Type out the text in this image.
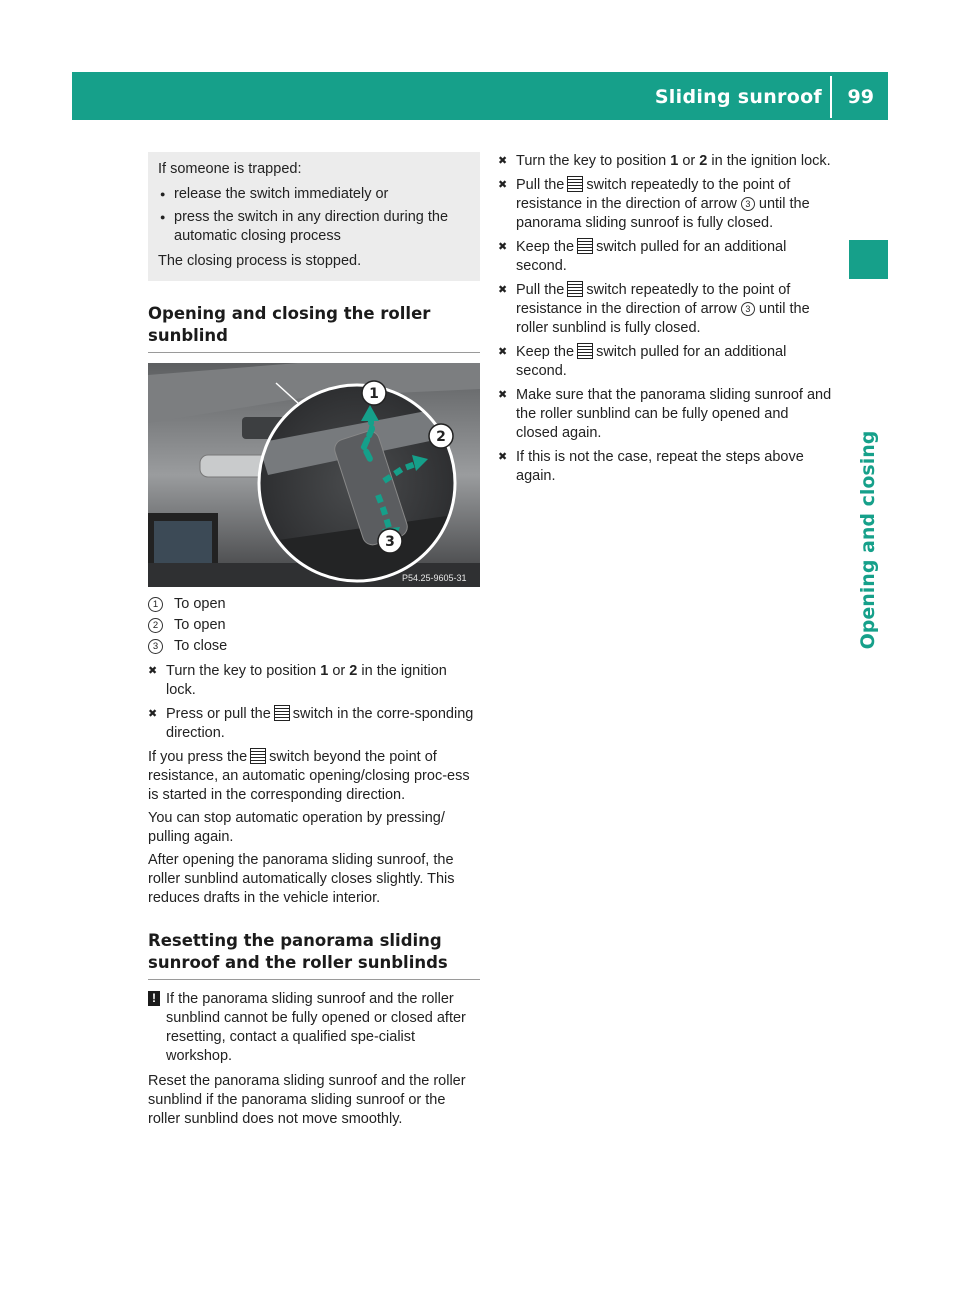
Sliding sunroof 99
Opening and closing

If someone is trapped:

● release the switch immediately or
● press the switch in any direction during the automatic closing process

The closing process is stopped.

Opening and closing the roller sunblind
1
2
3
P54.25-9605-31
1	To open
2	To open
3	To close
✖ Turn the key to position 1 or 2 in the ignition lock.
✖ Press or pull the switch in the corre-sponding direction.

If you press the switch beyond the point of resistance, an automatic opening/closing proc-ess is started in the corresponding direction.

You can stop automatic operation by pressing/ pulling again.

After opening the panorama sliding sunroof, the roller sunblind automatically closes slightly. This reduces drafts in the vehicle interior.

Resetting the panorama sliding sunroof and the roller sunblinds
! If the panorama sliding sunroof and the roller sunblind cannot be fully opened or closed after resetting, contact a qualified spe-cialist workshop.

Reset the panorama sliding sunroof and the roller sunblind if the panorama sliding sunroof or the roller sunblind does not move smoothly.

✖ Turn the key to position 1 or 2 in the ignition lock.
✖ Pull the switch repeatedly to the point of resistance in the direction of arrow 3 until the panorama sliding sunroof is fully closed.
✖ Keep the switch pulled for an additional second.
✖ Pull the switch repeatedly to the point of resistance in the direction of arrow 3 until the roller sunblind is fully closed.
✖ Keep the switch pulled for an additional second.
✖ Make sure that the panorama sliding sunroof and the roller sunblind can be fully opened and closed again.
✖ If this is not the case, repeat the steps above again.
